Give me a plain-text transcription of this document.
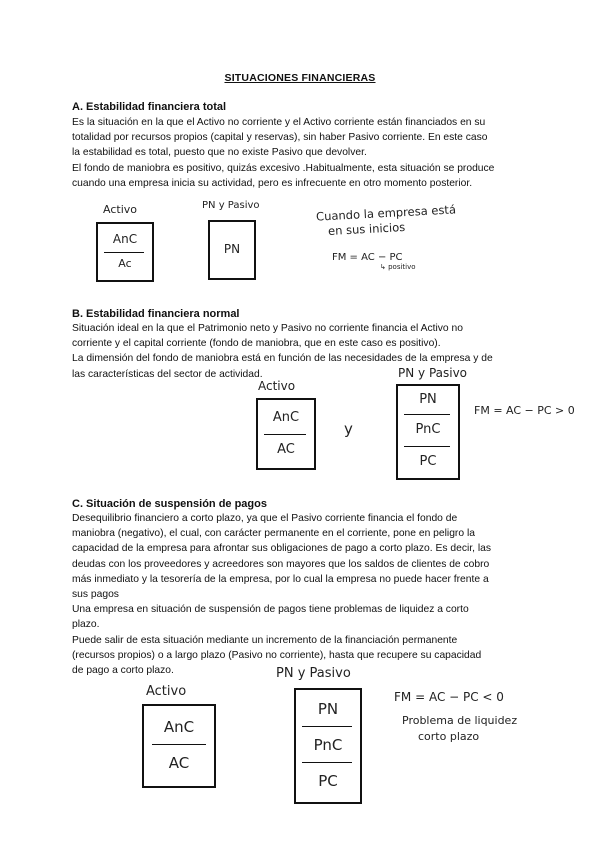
SITUACIONES FINANCIERAS
A. Estabilidad financiera total
Es la situación en la que el Activo no corriente y el Activo corriente están financiados en su
totalidad por recursos propios (capital y reservas), sin haber Pasivo corriente. En este caso
la estabilidad es total, puesto que no existe Pasivo que devolver.
El fondo de maniobra es positivo, quizás excesivo .Habitualmente, esta situación se produce
cuando una empresa inicia su actividad, pero es infrecuente en otro momento posterior.
Activo
AnC
Ac
PN y Pasivo
PN
Cuando la empresa está
en sus inicios
FM = AC − PC
↳ positivo
B. Estabilidad financiera normal
Situación ideal en la que el Patrimonio neto y Pasivo no corriente financia el Activo no
corriente y el capital corriente (fondo de maniobra, que en este caso es positivo).
La dimensión del fondo de maniobra está en función de las necesidades de la empresa y de
las características del sector de actividad.
Activo
AnC
AC
y
PN y Pasivo
PN
PnC
PC
FM = AC − PC > 0
C. Situación de suspensión de pagos
Desequilibrio financiero a corto plazo, ya que el Pasivo corriente financia el fondo de
maniobra (negativo), el cual, con carácter permanente en el corriente, pone en peligro la
capacidad de la empresa para afrontar sus obligaciones de pago a corto plazo. Es decir, las
deudas con los proveedores y acreedores son mayores que los saldos de clientes de cobro
más inmediato y la tesorería de la empresa, por lo cual la empresa no puede hacer frente a
sus pagos
Una empresa en situación de suspensión de pagos tiene problemas de liquidez a corto
plazo.
Puede salir de esta situación mediante un incremento de la financiación permanente
(recursos propios) o a largo plazo (Pasivo no corriente), hasta que recupere su capacidad
de pago a corto plazo.
Activo
AnC
AC
PN y Pasivo
PN
PnC
PC
FM = AC − PC < 0
Problema de liquidez
corto plazo
